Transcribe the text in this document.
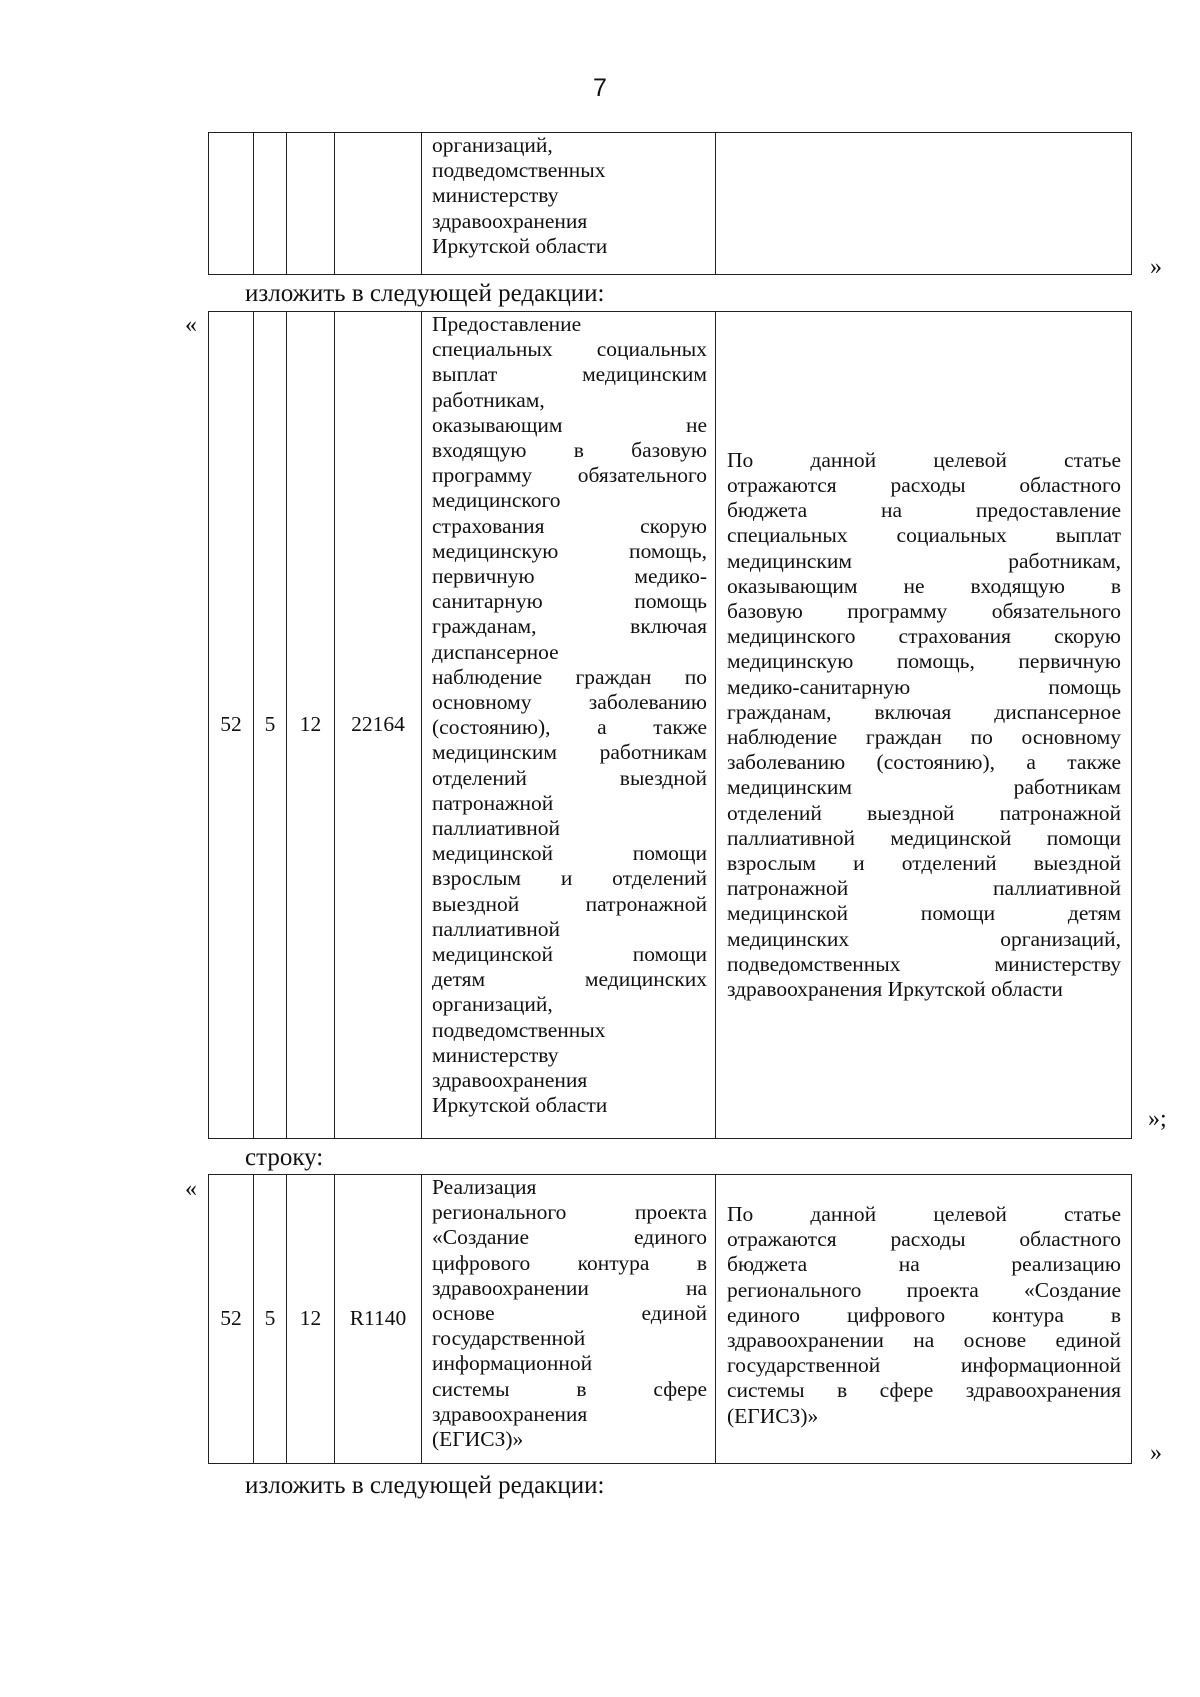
7

организаций,
подведомственных
министерству
здравоохранения
Иркутской области

»
изложить в следующей редакции:
«
52	5	12	22164	
Предоставление
специальных социальных
выплат медицинским
работникам,
оказывающим не
входящую в базовую
программу обязательного
медицинского
страхования скорую
медицинскую помощь,
первичную медико-
санитарную помощь
гражданам, включая
диспансерное
наблюдение граждан по
основному заболеванию
(состоянию), а также
медицинским работникам
отделений выездной
патронажной
паллиативной
медицинской помощи
взрослым и отделений
выездной патронажной
паллиативной
медицинской помощи
детям медицинских
организаций,
подведомственных
министерству
здравоохранения
Иркутской области

По данной целевой статье
отражаются расходы областного
бюджета на предоставление
специальных социальных выплат
медицинским работникам,
оказывающим не входящую в
базовую программу обязательного
медицинского страхования скорую
медицинскую помощь, первичную
медико-санитарную помощь
гражданам, включая диспансерное
наблюдение граждан по основному
заболеванию (состоянию), а также
медицинским работникам
отделений выездной патронажной
паллиативной медицинской помощи
взрослым и отделений выездной
патронажной паллиативной
медицинской помощи детям
медицинских организаций,
подведомственных министерству
здравоохранения Иркутской области
»;
строку:
«
52	5	12	R1140	
Реализация
регионального проекта
«Создание единого
цифрового контура в
здравоохранении на
основе единой
государственной
информационной
системы в сфере
здравоохранения
(ЕГИСЗ)»

По данной целевой статье
отражаются расходы областного
бюджета на реализацию
регионального проекта «Создание
единого цифрового контура в
здравоохранении на основе единой
государственной информационной
системы в сфере здравоохранения
(ЕГИСЗ)»
»
изложить в следующей редакции:
